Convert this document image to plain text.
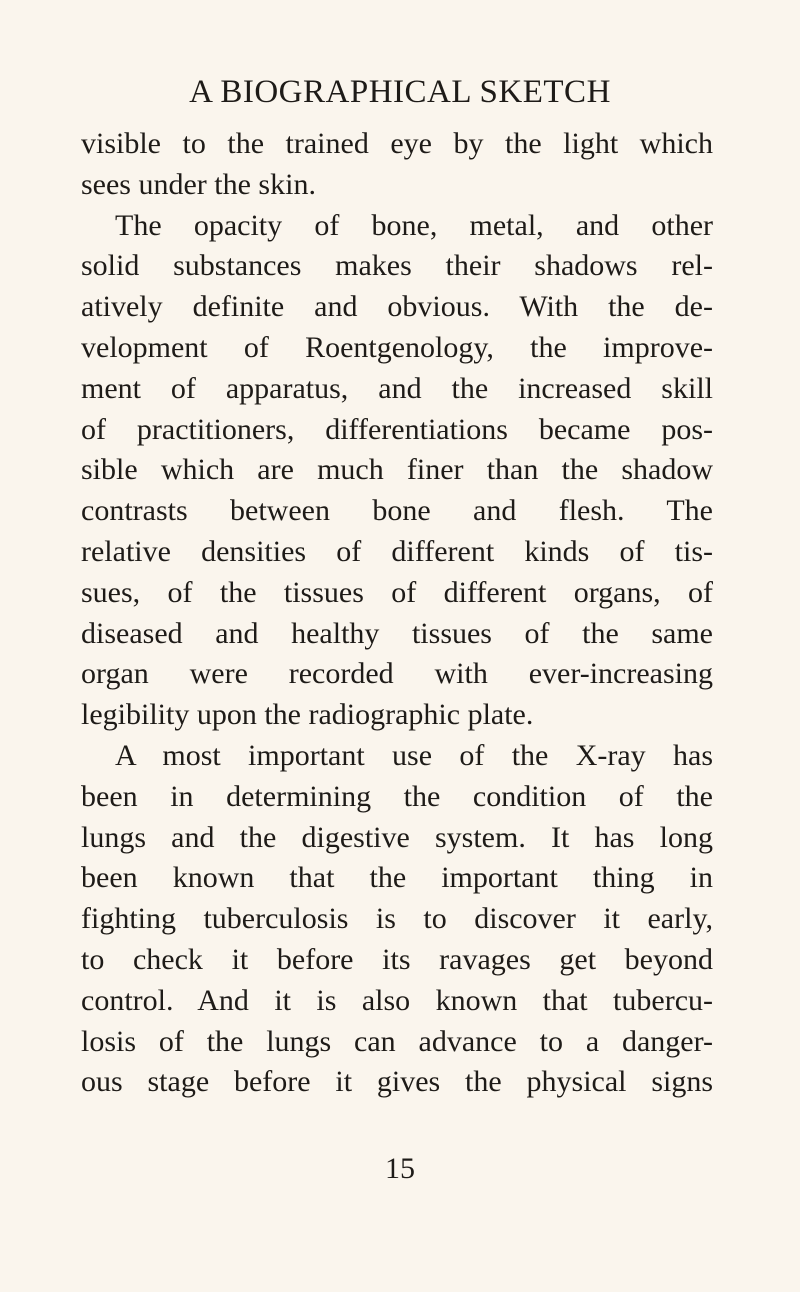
A BIOGRAPHICAL SKETCH
visible to the trained eye by the light which
sees under the skin.
The opacity of bone, metal, and other
solid substances makes their shadows rel-
atively definite and obvious. With the de-
velopment of Roentgenology, the improve-
ment of apparatus, and the increased skill
of practitioners, differentiations became pos-
sible which are much finer than the shadow
contrasts between bone and flesh. The
relative densities of different kinds of tis-
sues, of the tissues of different organs, of
diseased and healthy tissues of the same
organ were recorded with ever-increasing
legibility upon the radiographic plate.
A most important use of the X-ray has
been in determining the condition of the
lungs and the digestive system. It has long
been known that the important thing in
fighting tuberculosis is to discover it early,
to check it before its ravages get beyond
control. And it is also known that tubercu-
losis of the lungs can advance to a danger-
ous stage before it gives the physical signs
15
